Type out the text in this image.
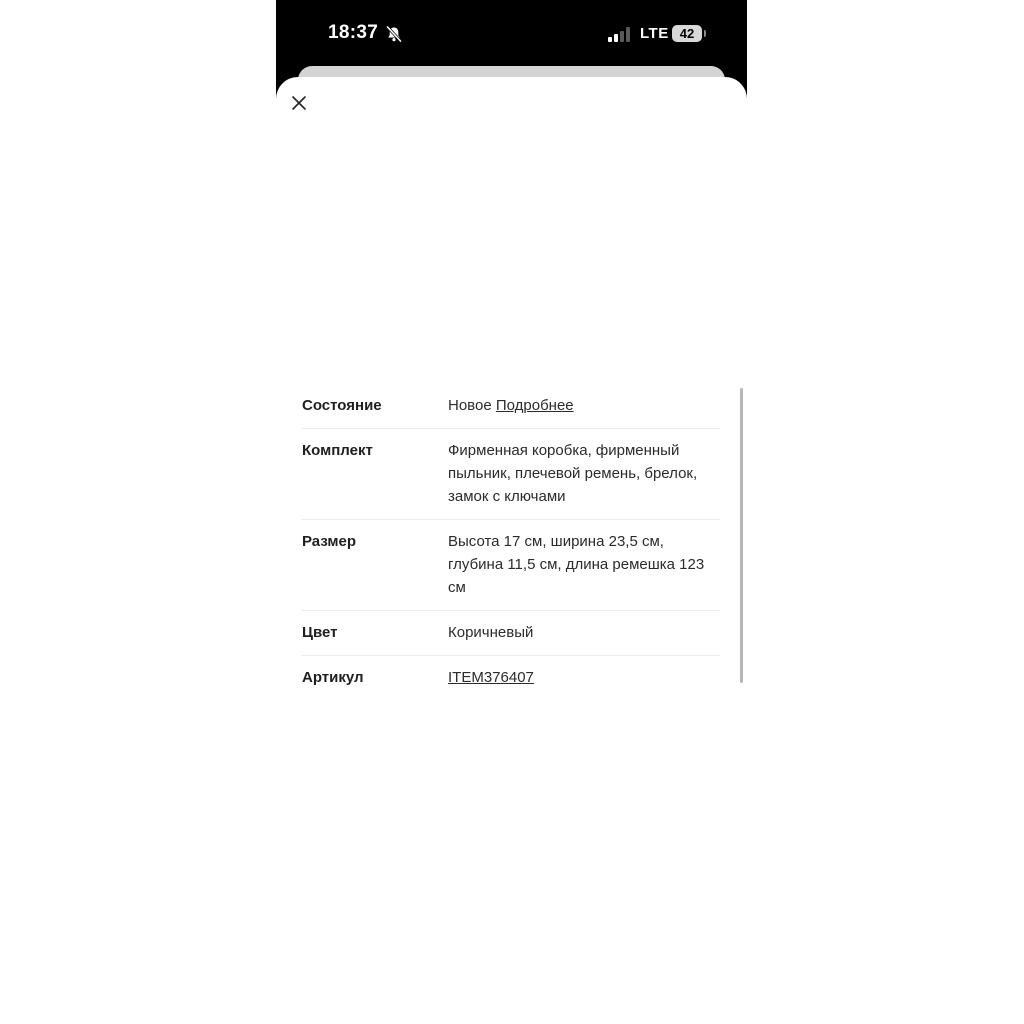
18:37	LTE 42
Состояние	Новое Подробнее
Комплект	Фирменная коробка, фирменный пыльник, плечевой ремень, брелок, замок с ключами
Размер	Высота 17 см, ширина 23,5 см, глубина 11,5 см, длина ремешка 123 см
Цвет	Коричневый
Артикул	ITEM376407
